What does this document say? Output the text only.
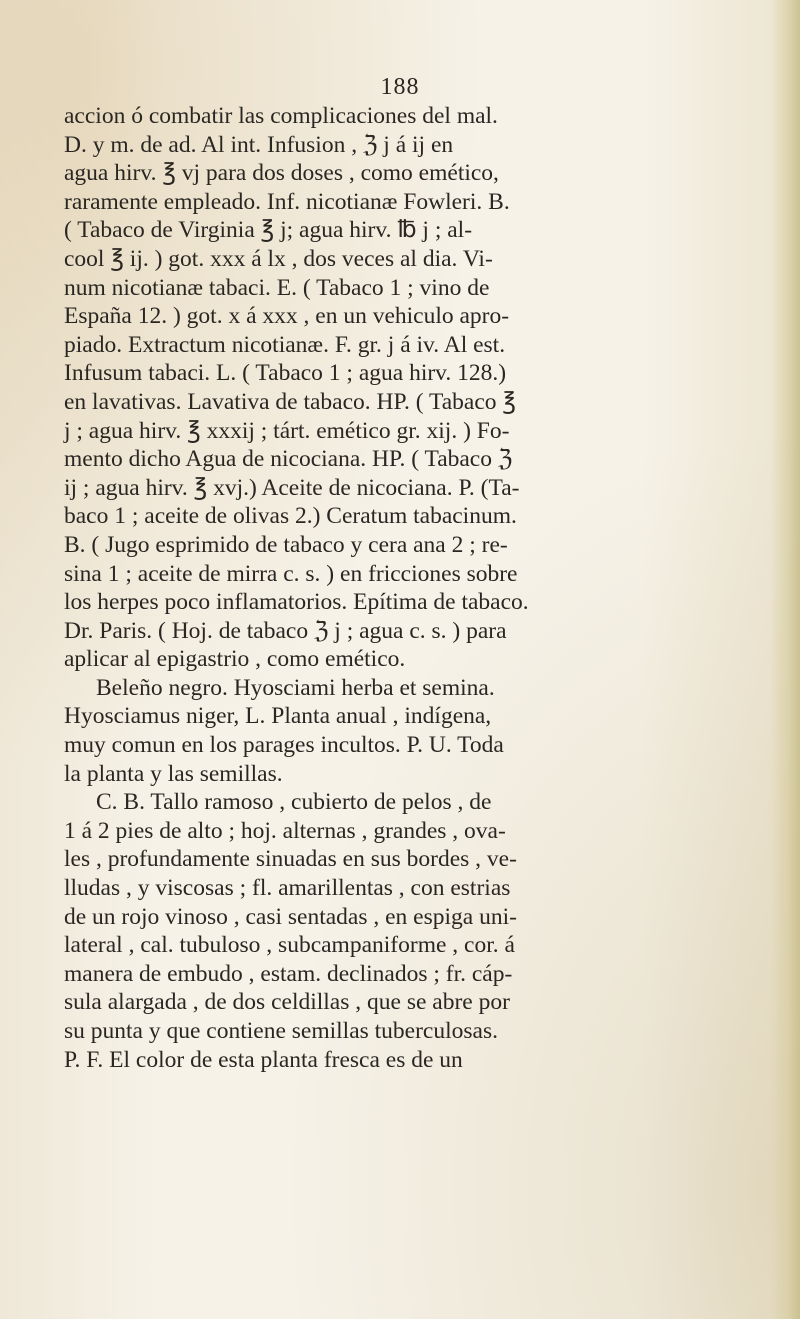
188

accion ó combatir las complicaciones del mal.
D. y m. de ad. Al int. Infusion , ℨ j á ij en
agua hirv. ℥ vj para dos doses , como emético,
raramente empleado. Inf. nicotianæ Fowleri. B.
( Tabaco de Virginia ℥ j; agua hirv. ℔ j ; al-
cool ℥ ij. ) got. xxx á lx , dos veces al dia. Vi-
num nicotianæ tabaci. E. ( Tabaco 1 ; vino de
España 12. ) got. x á xxx , en un vehiculo apro-
piado. Extractum nicotianæ. F. gr. j á iv. Al est.
Infusum tabaci. L. ( Tabaco 1 ; agua hirv. 128.)
en lavativas. Lavativa de tabaco. HP. ( Tabaco ℥
j ; agua hirv. ℥ xxxij ; tárt. emético gr. xij. ) Fo-
mento dicho Agua de nicociana. HP. ( Tabaco ℨ
ij ; agua hirv. ℥ xvj.) Aceite de nicociana. P. (Ta-
baco 1 ; aceite de olivas 2.) Ceratum tabacinum.
B. ( Jugo esprimido de tabaco y cera ana 2 ; re-
sina 1 ; aceite de mirra c. s. ) en fricciones sobre
los herpes poco inflamatorios. Epítima de tabaco.
Dr. Paris. ( Hoj. de tabaco ℨ j ; agua c. s. ) para
aplicar al epigastrio , como emético.

Beleño negro. Hyosciami herba et semina.
Hyosciamus niger, L. Planta anual , indígena,
muy comun en los parages incultos. P. U. Toda
la planta y las semillas.

C. B. Tallo ramoso , cubierto de pelos , de
1 á 2 pies de alto ; hoj. alternas , grandes , ova-
les , profundamente sinuadas en sus bordes , ve-
lludas , y viscosas ; fl. amarillentas , con estrias
de un rojo vinoso , casi sentadas , en espiga uni-
lateral , cal. tubuloso , subcampaniforme , cor. á
manera de embudo , estam. declinados ; fr. cáp-
sula alargada , de dos celdillas , que se abre por
su punta y que contiene semillas tuberculosas.
P. F. El color de esta planta fresca es de un
